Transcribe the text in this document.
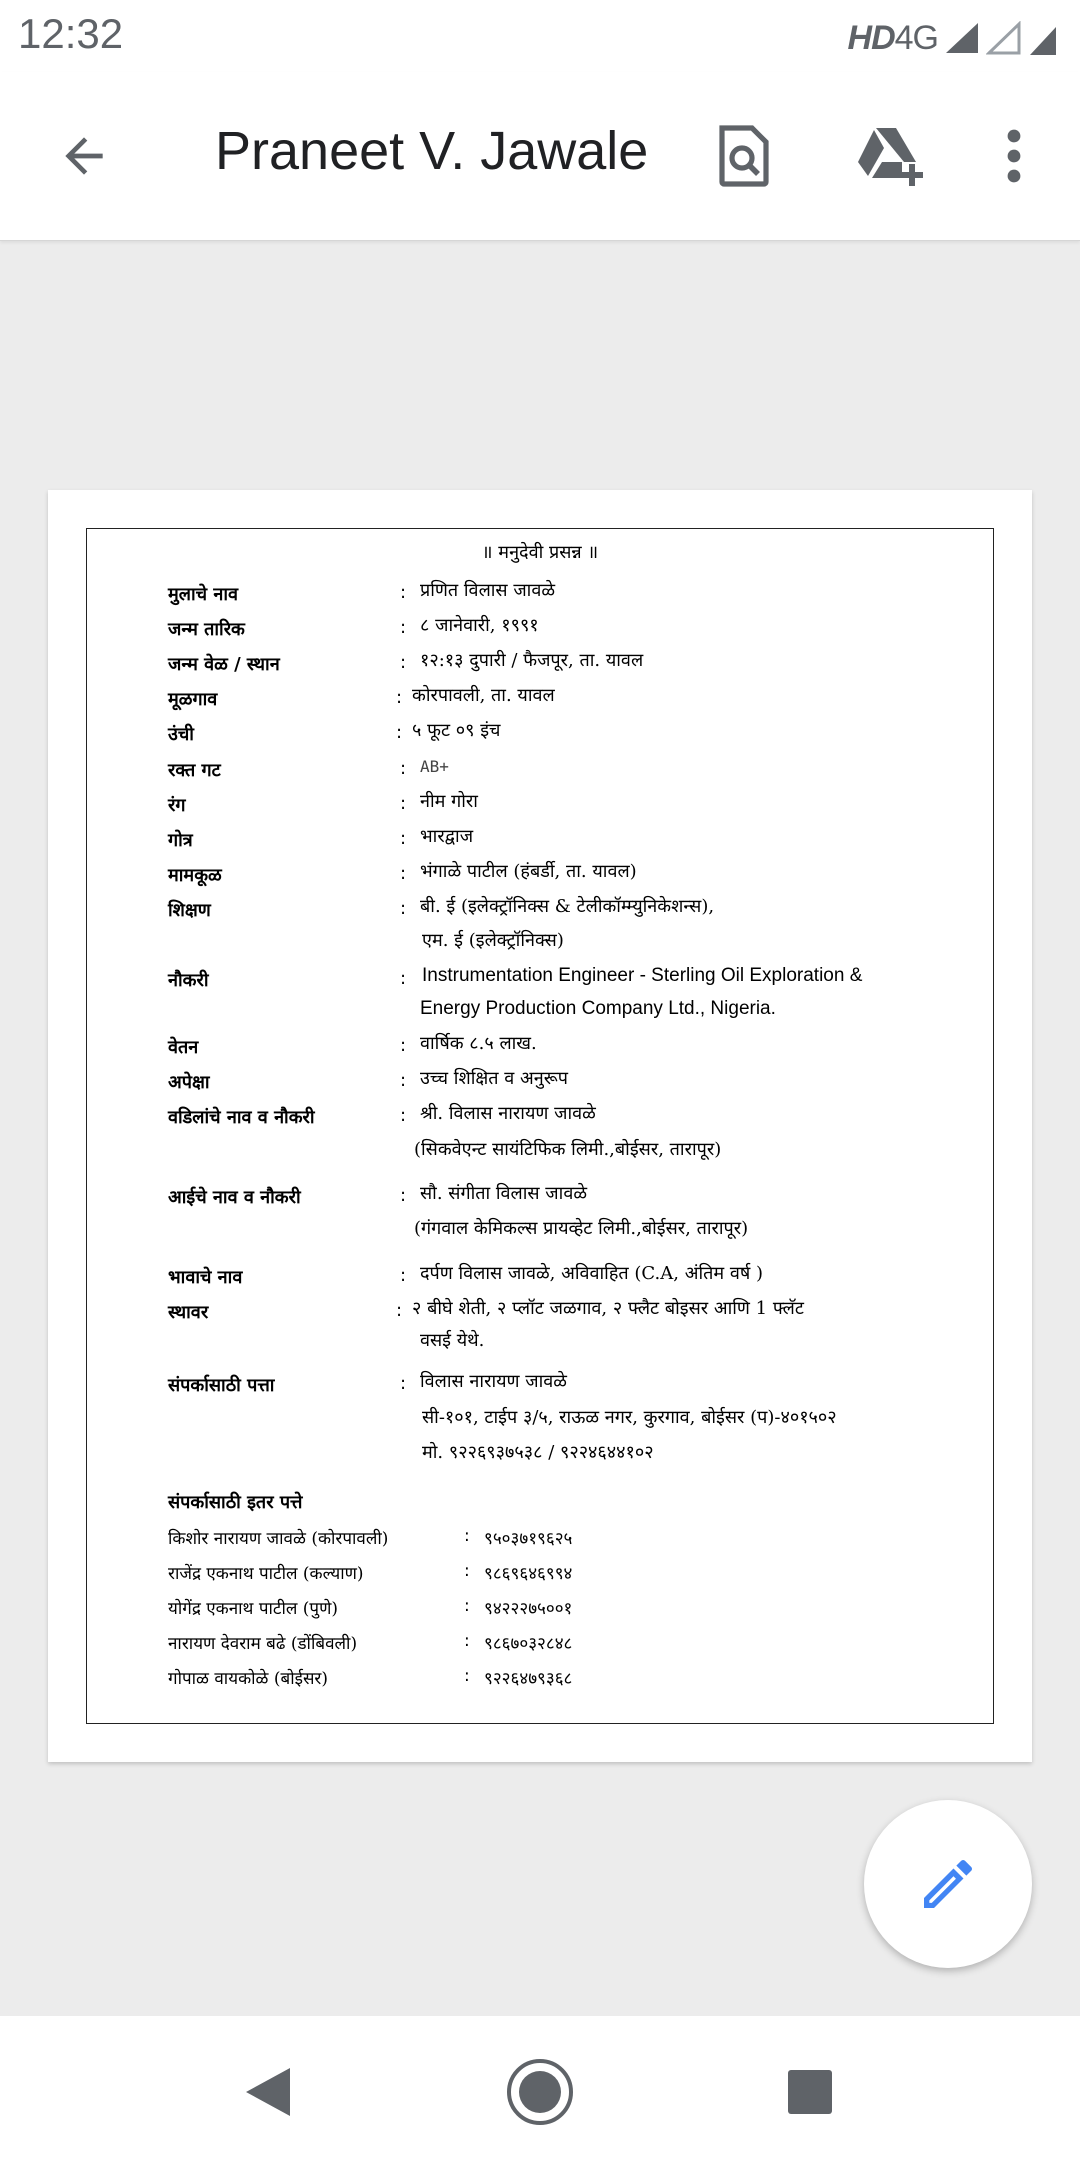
12:32	HD4G
Praneet V. Jawale
॥ मनुदेवी प्रसन्न ॥
मुलाचे नाव	: प्रणित विलास जावळे
जन्म तारिक	: ८ जानेवारी, १९९१
जन्म वेळ / स्थान	: १२:१३ दुपारी / फैजपूर, ता. यावल
मूळगाव	: कोरपावली, ता. यावल
उंची	: ५ फूट ०९ इंच
रक्त गट	: AB+
रंग	: नीम गोरा
गोत्र	: भारद्वाज
मामकूळ	: भंगाळे पाटील (हंबर्डी, ता. यावल)
शिक्षण	: बी. ई (इलेक्ट्रॉनिक्स & टेलीकॉम्म्युनिकेशन्स),
एम. ई (इलेक्ट्रॉनिक्स)
नौकरी	: Instrumentation Engineer - Sterling Oil Exploration &
Energy Production Company Ltd., Nigeria.
वेतन	: वार्षिक ८.५ लाख.
अपेक्षा	: उच्च शिक्षित व अनुरूप
वडिलांचे नाव व नौकरी	: श्री. विलास नारायण जावळे
(सिकवेएन्ट सायंटिफिक लिमी.,बोईसर, तारापूर)
आईचे नाव व नौकरी	: सौ. संगीता विलास जावळे
(गंगवाल केमिकल्स प्रायव्हेट लिमी.,बोईसर, तारापूर)
भावाचे नाव	: दर्पण विलास जावळे, अविवाहित (C.A, अंतिम वर्ष )
स्थावर	: २ बीघे शेती, २ प्लॉट जळगाव, २ फ्लैट बोइसर आणि 1 फ्लॅट
वसई येथे.
संपर्कासाठी पत्ता	: विलास नारायण जावळे
सी-१०१, टाईप ३/५, राऊळ नगर, कुरगाव, बोईसर (प)-४०१५०२
मो. ९२२६९३७५३८ / ९२२४६४४१०२
संपर्कासाठी इतर पत्ते
किशोर नारायण जावळे (कोरपावली)	: ९५०३७१९६२५
राजेंद्र एकनाथ पाटील (कल्याण)	: ९८६९६४६९९४
योगेंद्र एकनाथ पाटील (पुणे)	: ९४२२२७५००१
नारायण देवराम बढे (डोंबिवली)	: ९८६७०३२८४८
गोपाळ वायकोळे (बोईसर)	: ९२२६४७९३६८
